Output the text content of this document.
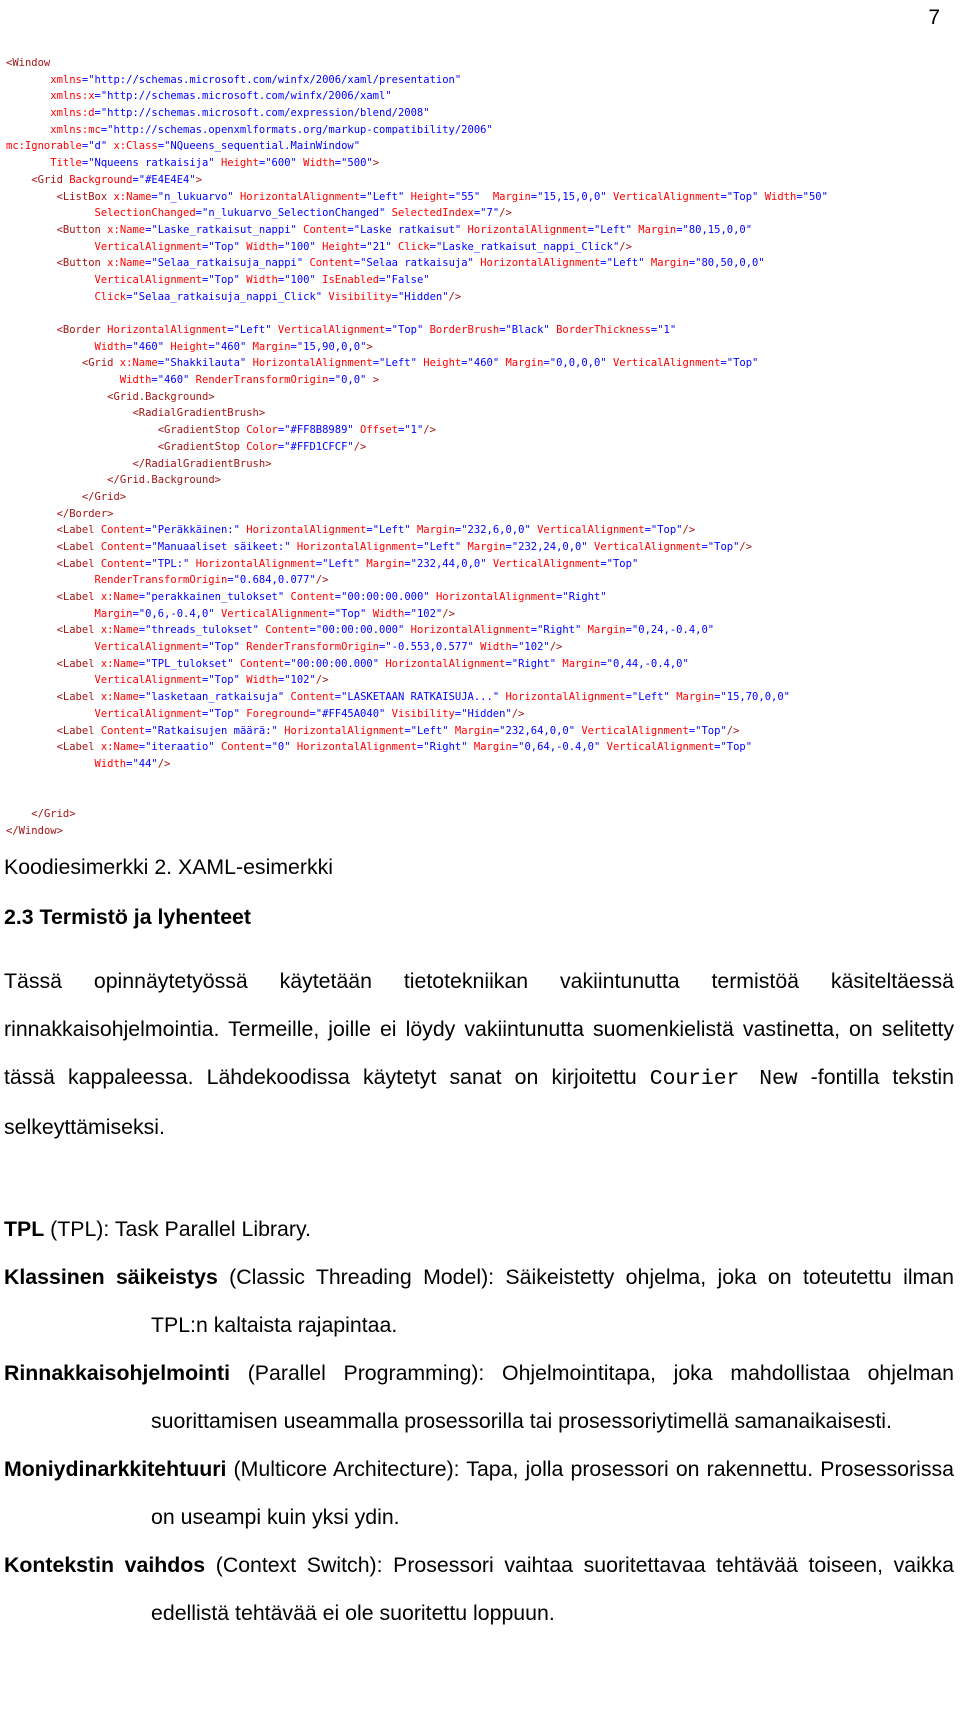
7
<Window
xmlns="http://schemas.microsoft.com/winfx/2006/xaml/presentation"
xmlns:x="http://schemas.microsoft.com/winfx/2006/xaml"
xmlns:d="http://schemas.microsoft.com/expression/blend/2008"
xmlns:mc="http://schemas.openxmlformats.org/markup-compatibility/2006"
mc:Ignorable="d" x:Class="NQueens_sequential.MainWindow"
Title="Nqueens ratkaisija" Height="600" Width="500">
<Grid Background="#E4E4E4">
<ListBox x:Name="n_lukuarvo" HorizontalAlignment="Left" Height="55"  Margin="15,15,0,0" VerticalAlignment="Top" Width="50"
SelectionChanged="n_lukuarvo_SelectionChanged" SelectedIndex="7"/>
<Button x:Name="Laske_ratkaisut_nappi" Content="Laske ratkaisut" HorizontalAlignment="Left" Margin="80,15,0,0"
VerticalAlignment="Top" Width="100" Height="21" Click="Laske_ratkaisut_nappi_Click"/>
<Button x:Name="Selaa_ratkaisuja_nappi" Content="Selaa ratkaisuja" HorizontalAlignment="Left" Margin="80,50,0,0"
VerticalAlignment="Top" Width="100" IsEnabled="False"
Click="Selaa_ratkaisuja_nappi_Click" Visibility="Hidden"/>
<Border HorizontalAlignment="Left" VerticalAlignment="Top" BorderBrush="Black" BorderThickness="1"
Width="460" Height="460" Margin="15,90,0,0">
<Grid x:Name="Shakkilauta" HorizontalAlignment="Left" Height="460" Margin="0,0,0,0" VerticalAlignment="Top"
Width="460" RenderTransformOrigin="0,0" >
<Grid.Background>
<RadialGradientBrush>
<GradientStop Color="#FF8B8989" Offset="1"/>
<GradientStop Color="#FFD1CFCF"/>
</RadialGradientBrush>
</Grid.Background>
</Grid>
</Border>
<Label Content="Peräkkäinen:" HorizontalAlignment="Left" Margin="232,6,0,0" VerticalAlignment="Top"/>
<Label Content="Manuaaliset säikeet:" HorizontalAlignment="Left" Margin="232,24,0,0" VerticalAlignment="Top"/>
<Label Content="TPL:" HorizontalAlignment="Left" Margin="232,44,0,0" VerticalAlignment="Top"
RenderTransformOrigin="0.684,0.077"/>
<Label x:Name="perakkainen_tulokset" Content="00:00:00.000" HorizontalAlignment="Right"
Margin="0,6,-0.4,0" VerticalAlignment="Top" Width="102"/>
<Label x:Name="threads_tulokset" Content="00:00:00.000" HorizontalAlignment="Right" Margin="0,24,-0.4,0"
VerticalAlignment="Top" RenderTransformOrigin="-0.553,0.577" Width="102"/>
<Label x:Name="TPL_tulokset" Content="00:00:00.000" HorizontalAlignment="Right" Margin="0,44,-0.4,0"
VerticalAlignment="Top" Width="102"/>
<Label x:Name="lasketaan_ratkaisuja" Content="LASKETAAN RATKAISUJA..." HorizontalAlignment="Left" Margin="15,70,0,0"
VerticalAlignment="Top" Foreground="#FF45A040" Visibility="Hidden"/>
<Label Content="Ratkaisujen määrä:" HorizontalAlignment="Left" Margin="232,64,0,0" VerticalAlignment="Top"/>
<Label x:Name="iteraatio" Content="0" HorizontalAlignment="Right" Margin="0,64,-0.4,0" VerticalAlignment="Top"
Width="44"/>
</Grid>
</Window>
Koodiesimerkki 2. XAML-esimerkki
2.3 Termistö ja lyhenteet

Tässä opinnäytetyössä käytetään tietotekniikan vakiintunutta termistöä käsiteltäessä rinnakkaisohjelmointia. Termeille, joille ei löydy vakiintunutta suomenkielistä vastinetta, on selitetty tässä kappaleessa. Lähdekoodissa käytetyt sanat on kirjoitettu Courier New -fontilla tekstin selkeyttämiseksi.

TPL (TPL): Task Parallel Library.
Klassinen säikeistys (Classic Threading Model): Säikeistetty ohjelma, joka on toteutettu ilman TPL:n kaltaista rajapintaa.
Rinnakkaisohjelmointi (Parallel Programming): Ohjelmointitapa, joka mahdollistaa ohjelman suorittamisen useammalla prosessorilla tai prosessoriytimellä samanaikaisesti.
Moniydinarkkitehtuuri (Multicore Architecture): Tapa, jolla prosessori on rakennettu. Prosessorissa on useampi kuin yksi ydin.
Kontekstin vaihdos (Context Switch): Prosessori vaihtaa suoritettavaa tehtävää toiseen, vaikka edellistä tehtävää ei ole suoritettu loppuun.
